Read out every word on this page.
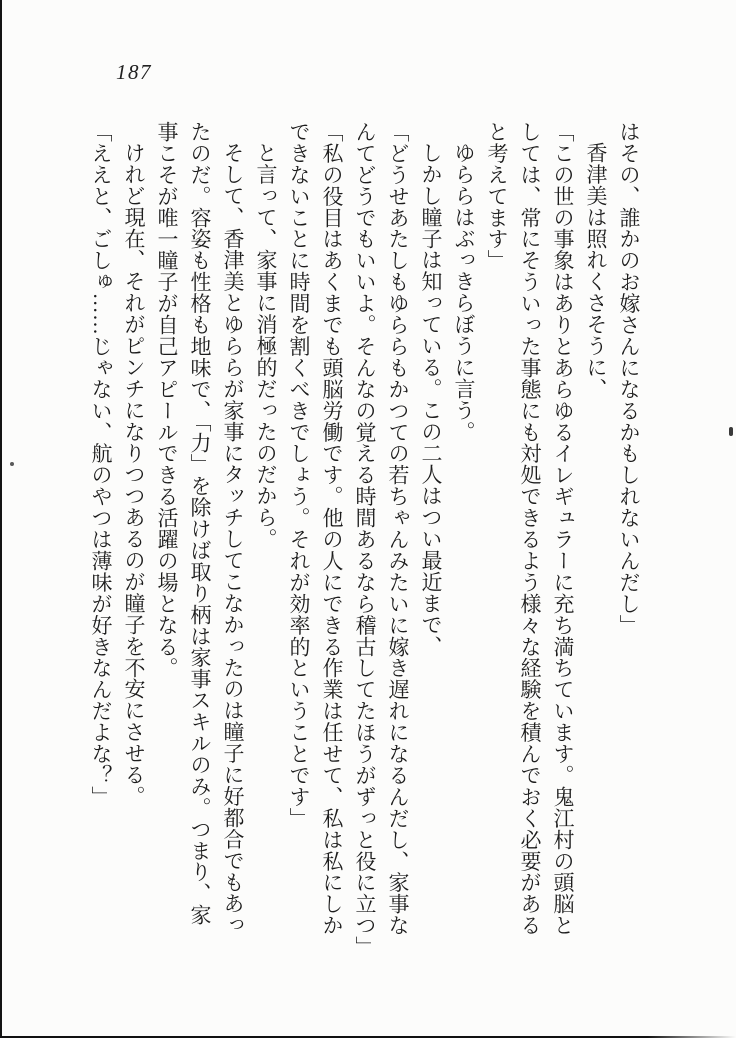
187

はその、誰かのお嫁さんになるかもしれないんだし」

香津美は照れくさそうに、

「この世の事象はありとあらゆるイレギュラーに充ち満ちています。鬼江村の頭脳と

しては、常にそういった事態にも対処できるよう様々な経験を積んでおく必要がある

と考えてます」

ゆららはぶっきらぼうに言う。

しかし瞳子は知っている。この二人はつい最近まで、

「どうせあたしもゆららもかつての若ちゃんみたいに嫁き遅れになるんだし、家事な

んてどうでもいいよ。そんなの覚える時間あるなら稽古してたほうがずっと役に立つ」

「私の役目はあくまでも頭脳労働です。他の人にできる作業は任せて、私は私にしか

できないことに時間を割くべきでしょう。それが効率的ということです」

と言って、家事に消極的だったのだから。

そして、香津美とゆららが家事にタッチしてこなかったのは瞳子に好都合でもあっ

たのだ。容姿も性格も地味で、「力」を除けば取り柄は家事スキルのみ。つまり、家

事こそが唯一瞳子が自己アピールできる活躍の場となる。

けれど現在、それがピンチになりつつあるのが瞳子を不安にさせる。

「ええと、ごしゅ……じゃない、航のやつは薄味が好きなんだよな？」
